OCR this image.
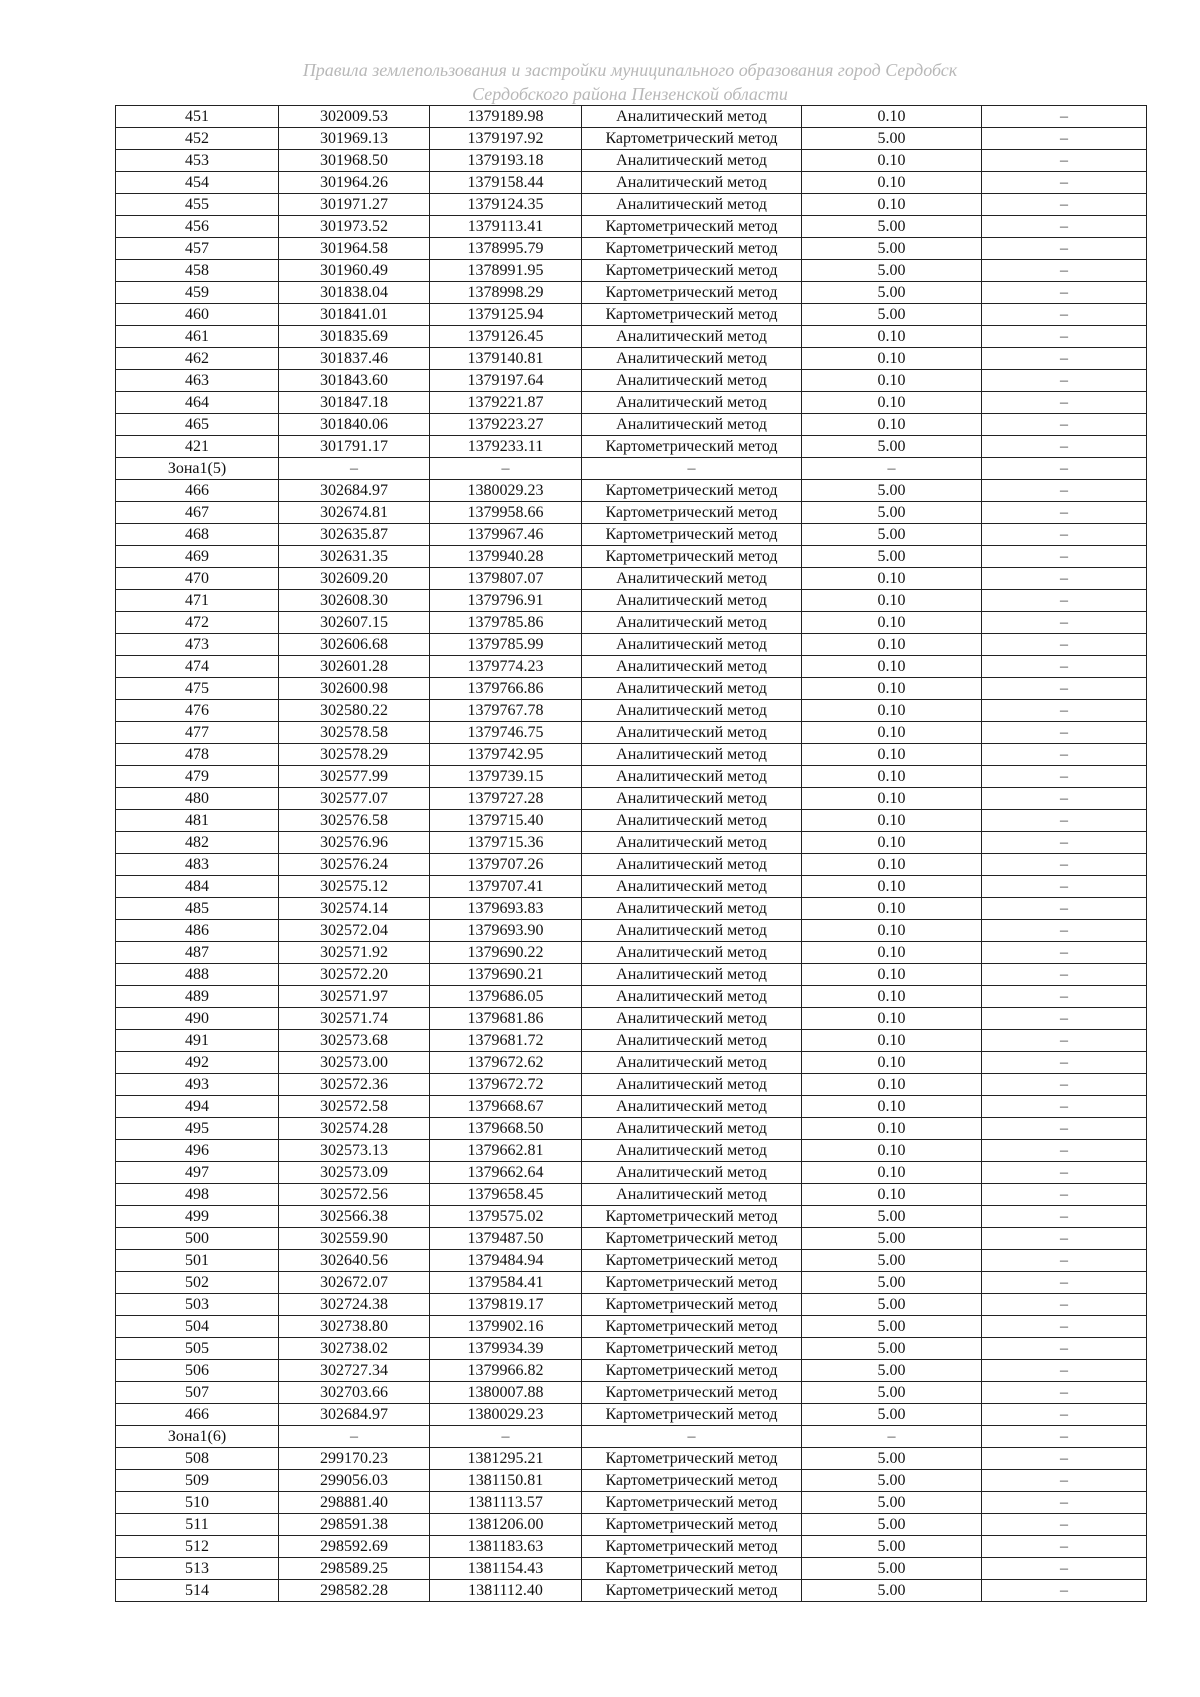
Правила землепользования и застройки муниципального образования город Сердобск
Сердобского района Пензенской области
451	302009.53	1379189.98	Аналитический метод	0.10	–
452	301969.13	1379197.92	Картометрический метод	5.00	–
453	301968.50	1379193.18	Аналитический метод	0.10	–
454	301964.26	1379158.44	Аналитический метод	0.10	–
455	301971.27	1379124.35	Аналитический метод	0.10	–
456	301973.52	1379113.41	Картометрический метод	5.00	–
457	301964.58	1378995.79	Картометрический метод	5.00	–
458	301960.49	1378991.95	Картометрический метод	5.00	–
459	301838.04	1378998.29	Картометрический метод	5.00	–
460	301841.01	1379125.94	Картометрический метод	5.00	–
461	301835.69	1379126.45	Аналитический метод	0.10	–
462	301837.46	1379140.81	Аналитический метод	0.10	–
463	301843.60	1379197.64	Аналитический метод	0.10	–
464	301847.18	1379221.87	Аналитический метод	0.10	–
465	301840.06	1379223.27	Аналитический метод	0.10	–
421	301791.17	1379233.11	Картометрический метод	5.00	–
Зона1(5)	–	–	–	–	–
466	302684.97	1380029.23	Картометрический метод	5.00	–
467	302674.81	1379958.66	Картометрический метод	5.00	–
468	302635.87	1379967.46	Картометрический метод	5.00	–
469	302631.35	1379940.28	Картометрический метод	5.00	–
470	302609.20	1379807.07	Аналитический метод	0.10	–
471	302608.30	1379796.91	Аналитический метод	0.10	–
472	302607.15	1379785.86	Аналитический метод	0.10	–
473	302606.68	1379785.99	Аналитический метод	0.10	–
474	302601.28	1379774.23	Аналитический метод	0.10	–
475	302600.98	1379766.86	Аналитический метод	0.10	–
476	302580.22	1379767.78	Аналитический метод	0.10	–
477	302578.58	1379746.75	Аналитический метод	0.10	–
478	302578.29	1379742.95	Аналитический метод	0.10	–
479	302577.99	1379739.15	Аналитический метод	0.10	–
480	302577.07	1379727.28	Аналитический метод	0.10	–
481	302576.58	1379715.40	Аналитический метод	0.10	–
482	302576.96	1379715.36	Аналитический метод	0.10	–
483	302576.24	1379707.26	Аналитический метод	0.10	–
484	302575.12	1379707.41	Аналитический метод	0.10	–
485	302574.14	1379693.83	Аналитический метод	0.10	–
486	302572.04	1379693.90	Аналитический метод	0.10	–
487	302571.92	1379690.22	Аналитический метод	0.10	–
488	302572.20	1379690.21	Аналитический метод	0.10	–
489	302571.97	1379686.05	Аналитический метод	0.10	–
490	302571.74	1379681.86	Аналитический метод	0.10	–
491	302573.68	1379681.72	Аналитический метод	0.10	–
492	302573.00	1379672.62	Аналитический метод	0.10	–
493	302572.36	1379672.72	Аналитический метод	0.10	–
494	302572.58	1379668.67	Аналитический метод	0.10	–
495	302574.28	1379668.50	Аналитический метод	0.10	–
496	302573.13	1379662.81	Аналитический метод	0.10	–
497	302573.09	1379662.64	Аналитический метод	0.10	–
498	302572.56	1379658.45	Аналитический метод	0.10	–
499	302566.38	1379575.02	Картометрический метод	5.00	–
500	302559.90	1379487.50	Картометрический метод	5.00	–
501	302640.56	1379484.94	Картометрический метод	5.00	–
502	302672.07	1379584.41	Картометрический метод	5.00	–
503	302724.38	1379819.17	Картометрический метод	5.00	–
504	302738.80	1379902.16	Картометрический метод	5.00	–
505	302738.02	1379934.39	Картометрический метод	5.00	–
506	302727.34	1379966.82	Картометрический метод	5.00	–
507	302703.66	1380007.88	Картометрический метод	5.00	–
466	302684.97	1380029.23	Картометрический метод	5.00	–
Зона1(6)	–	–	–	–	–
508	299170.23	1381295.21	Картометрический метод	5.00	–
509	299056.03	1381150.81	Картометрический метод	5.00	–
510	298881.40	1381113.57	Картометрический метод	5.00	–
511	298591.38	1381206.00	Картометрический метод	5.00	–
512	298592.69	1381183.63	Картометрический метод	5.00	–
513	298589.25	1381154.43	Картометрический метод	5.00	–
514	298582.28	1381112.40	Картометрический метод	5.00	–
